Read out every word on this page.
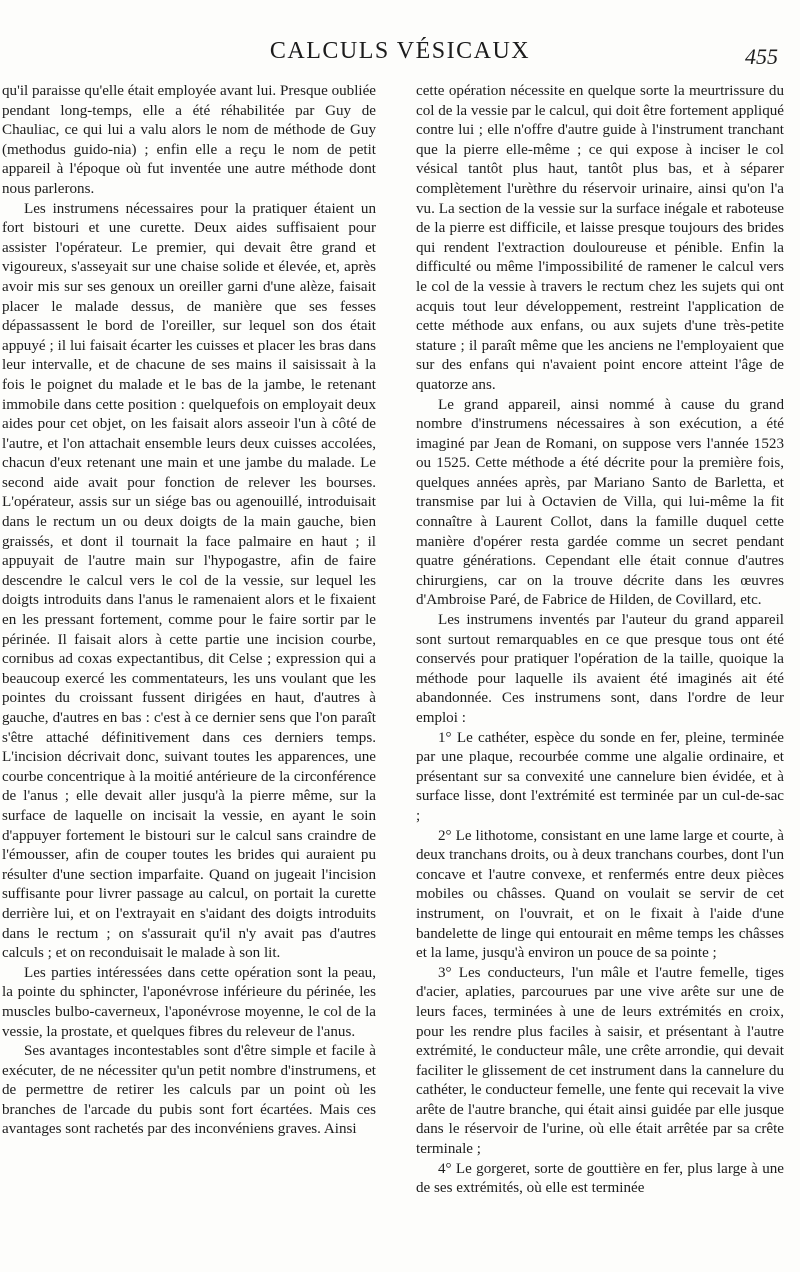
CALCULS VÉSICAUX	455

qu'il paraisse qu'elle était employée avant lui. Presque oubliée pendant long-temps, elle a été réhabilitée par Guy de Chauliac, ce qui lui a valu alors le nom de méthode de Guy (methodus guido-nia) ; enfin elle a reçu le nom de petit appareil à l'époque où fut inventée une autre méthode dont nous parlerons.

Les instrumens nécessaires pour la pratiquer étaient un fort bistouri et une curette. Deux aides suffisaient pour assister l'opérateur. Le premier, qui devait être grand et vigoureux, s'asseyait sur une chaise solide et élevée, et, après avoir mis sur ses genoux un oreiller garni d'une alèze, faisait placer le malade dessus, de manière que ses fesses dépassassent le bord de l'oreiller, sur lequel son dos était appuyé ; il lui faisait écarter les cuisses et placer les bras dans leur intervalle, et de chacune de ses mains il saisissait à la fois le poignet du malade et le bas de la jambe, le retenant immobile dans cette position : quelquefois on employait deux aides pour cet objet, on les faisait alors asseoir l'un à côté de l'autre, et l'on attachait ensemble leurs deux cuisses accolées, chacun d'eux retenant une main et une jambe du malade. Le second aide avait pour fonction de relever les bourses. L'opérateur, assis sur un siége bas ou agenouillé, introduisait dans le rectum un ou deux doigts de la main gauche, bien graissés, et dont il tournait la face palmaire en haut ; il appuyait de l'autre main sur l'hypogastre, afin de faire descendre le calcul vers le col de la vessie, sur lequel les doigts introduits dans l'anus le ramenaient alors et le fixaient en les pressant fortement, comme pour le faire sortir par le périnée. Il faisait alors à cette partie une incision courbe, cornibus ad coxas expectantibus, dit Celse ; expression qui a beaucoup exercé les commentateurs, les uns voulant que les pointes du croissant fussent dirigées en haut, d'autres à gauche, d'autres en bas : c'est à ce dernier sens que l'on paraît s'être attaché définitivement dans ces derniers temps. L'incision décrivait donc, suivant toutes les apparences, une courbe concentrique à la moitié antérieure de la circonférence de l'anus ; elle devait aller jusqu'à la pierre même, sur la surface de laquelle on incisait la vessie, en ayant le soin d'appuyer fortement le bistouri sur le calcul sans craindre de l'émousser, afin de couper toutes les brides qui auraient pu résulter d'une section imparfaite. Quand on jugeait l'incision suffisante pour livrer passage au calcul, on portait la curette derrière lui, et on l'extrayait en s'aidant des doigts introduits dans le rectum ; on s'assurait qu'il n'y avait pas d'autres calculs ; et on reconduisait le malade à son lit.

Les parties intéressées dans cette opération sont la peau, la pointe du sphincter, l'aponévrose inférieure du périnée, les muscles bulbo-caverneux, l'aponévrose moyenne, le col de la vessie, la prostate, et quelques fibres du releveur de l'anus.

Ses avantages incontestables sont d'être simple et facile à exécuter, de ne nécessiter qu'un petit nombre d'instrumens, et de permettre de retirer les calculs par un point où les branches de l'arcade du pubis sont fort écartées. Mais ces avantages sont rachetés par des inconvéniens graves. Ainsi

cette opération nécessite en quelque sorte la meurtrissure du col de la vessie par le calcul, qui doit être fortement appliqué contre lui ; elle n'offre d'autre guide à l'instrument tranchant que la pierre elle-même ; ce qui expose à inciser le col vésical tantôt plus haut, tantôt plus bas, et à séparer complètement l'urèthre du réservoir urinaire, ainsi qu'on l'a vu. La section de la vessie sur la surface inégale et raboteuse de la pierre est difficile, et laisse presque toujours des brides qui rendent l'extraction douloureuse et pénible. Enfin la difficulté ou même l'impossibilité de ramener le calcul vers le col de la vessie à travers le rectum chez les sujets qui ont acquis tout leur développement, restreint l'application de cette méthode aux enfans, ou aux sujets d'une très-petite stature ; il paraît même que les anciens ne l'employaient que sur des enfans qui n'avaient point encore atteint l'âge de quatorze ans.

Le grand appareil, ainsi nommé à cause du grand nombre d'instrumens nécessaires à son exécution, a été imaginé par Jean de Romani, on suppose vers l'année 1523 ou 1525. Cette méthode a été décrite pour la première fois, quelques années après, par Mariano Santo de Barletta, et transmise par lui à Octavien de Villa, qui lui-même la fit connaître à Laurent Collot, dans la famille duquel cette manière d'opérer resta gardée comme un secret pendant quatre générations. Cependant elle était connue d'autres chirurgiens, car on la trouve décrite dans les œuvres d'Ambroise Paré, de Fabrice de Hilden, de Covillard, etc.

Les instrumens inventés par l'auteur du grand appareil sont surtout remarquables en ce que presque tous ont été conservés pour pratiquer l'opération de la taille, quoique la méthode pour laquelle ils avaient été imaginés ait été abandonnée. Ces instrumens sont, dans l'ordre de leur emploi :

1° Le cathéter, espèce du sonde en fer, pleine, terminée par une plaque, recourbée comme une algalie ordinaire, et présentant sur sa convexité une cannelure bien évidée, et à surface lisse, dont l'extrémité est terminée par un cul-de-sac ;

2° Le lithotome, consistant en une lame large et courte, à deux tranchans droits, ou à deux tranchans courbes, dont l'un concave et l'autre convexe, et renfermés entre deux pièces mobiles ou châsses. Quand on voulait se servir de cet instrument, on l'ouvrait, et on le fixait à l'aide d'une bandelette de linge qui entourait en même temps les châsses et la lame, jusqu'à environ un pouce de sa pointe ;

3° Les conducteurs, l'un mâle et l'autre femelle, tiges d'acier, aplaties, parcourues par une vive arête sur une de leurs faces, terminées à une de leurs extrémités en croix, pour les rendre plus faciles à saisir, et présentant à l'autre extrémité, le conducteur mâle, une crête arrondie, qui devait faciliter le glissement de cet instrument dans la cannelure du cathéter, le conducteur femelle, une fente qui recevait la vive arête de l'autre branche, qui était ainsi guidée par elle jusque dans le réservoir de l'urine, où elle était arrêtée par sa crête terminale ;

4° Le gorgeret, sorte de gouttière en fer, plus large à une de ses extrémités, où elle est terminée
